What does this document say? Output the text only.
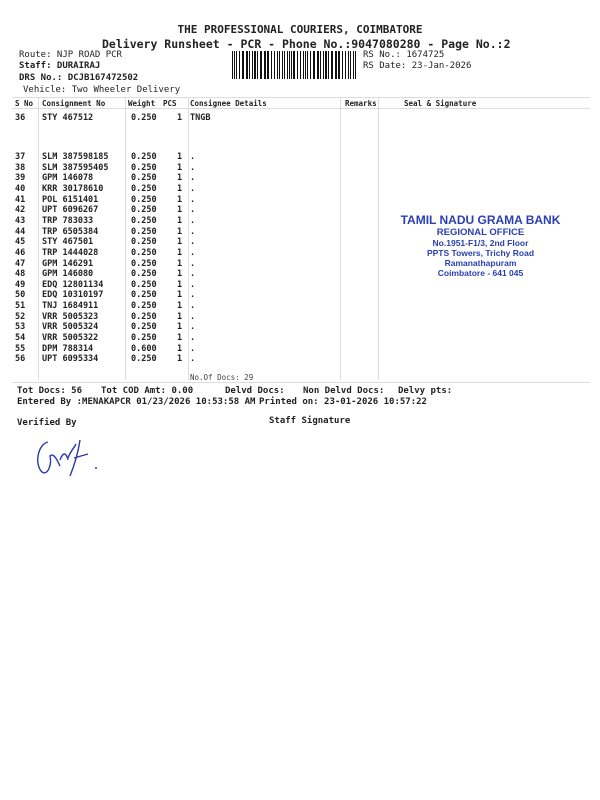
THE PROFESSIONAL COURIERS, COIMBATORE
Delivery Runsheet - PCR - Phone No.:9047080280 - Page No.:2
Route: NJP ROAD PCR
Staff: DURAIRAJ
DRS No.: DCJB167472502
Vehicle: Two Wheeler Delivery
RS No.: 1674725
RS Date: 23-Jan-2026
S No Consignment No	Weight PCS Consignee Details	Remarks	Seal & Signature
36 STY 467512	0.250 1 TNGB
37 SLM 387598185	0.250 1 .
38 SLM 387595405	0.250 1 .
39 GPM 146078	0.250 1 .
40 KRR 30178610	0.250 1 .
41 POL 6151401	0.250 1 .
42 UPT 6096267	0.250 1 .
43 TRP 783033	0.250 1 .
44 TRP 6505384	0.250 1 .
45 STY 467501	0.250 1 .
46 TRP 1444028	0.250 1 .
47 GPM 146291	0.250 1 .
48 GPM 146080	0.250 1 .
49 EDQ 12801134	0.250 1 .
50 EDQ 10310197	0.250 1 .
51 TNJ 1684911	0.250 1 .
52 VRR 5005323	0.250 1 .
53 VRR 5005324	0.250 1 .
54 VRR 5005322	0.250 1 .
55 DPM 788314	0.600 1 .
56 UPT 6095334	0.250 1 .
No.Of Docs: 29
Tot Docs: 56 Tot COD Amt: 0.00	Delvd Docs: Non Delvd Docs: Delvy pts:
Entered By :MENAKAPCR 01/23/2026 10:53:58 AM Printed on: 23-01-2026 10:57:22
Verified By	Staff Signature
TAMIL NADU GRAMA BANK
REGIONAL OFFICE
No.1951-F1/3, 2nd Floor
PPTS Towers, Trichy Road
Ramanathapuram
Coimbatore - 641 045
